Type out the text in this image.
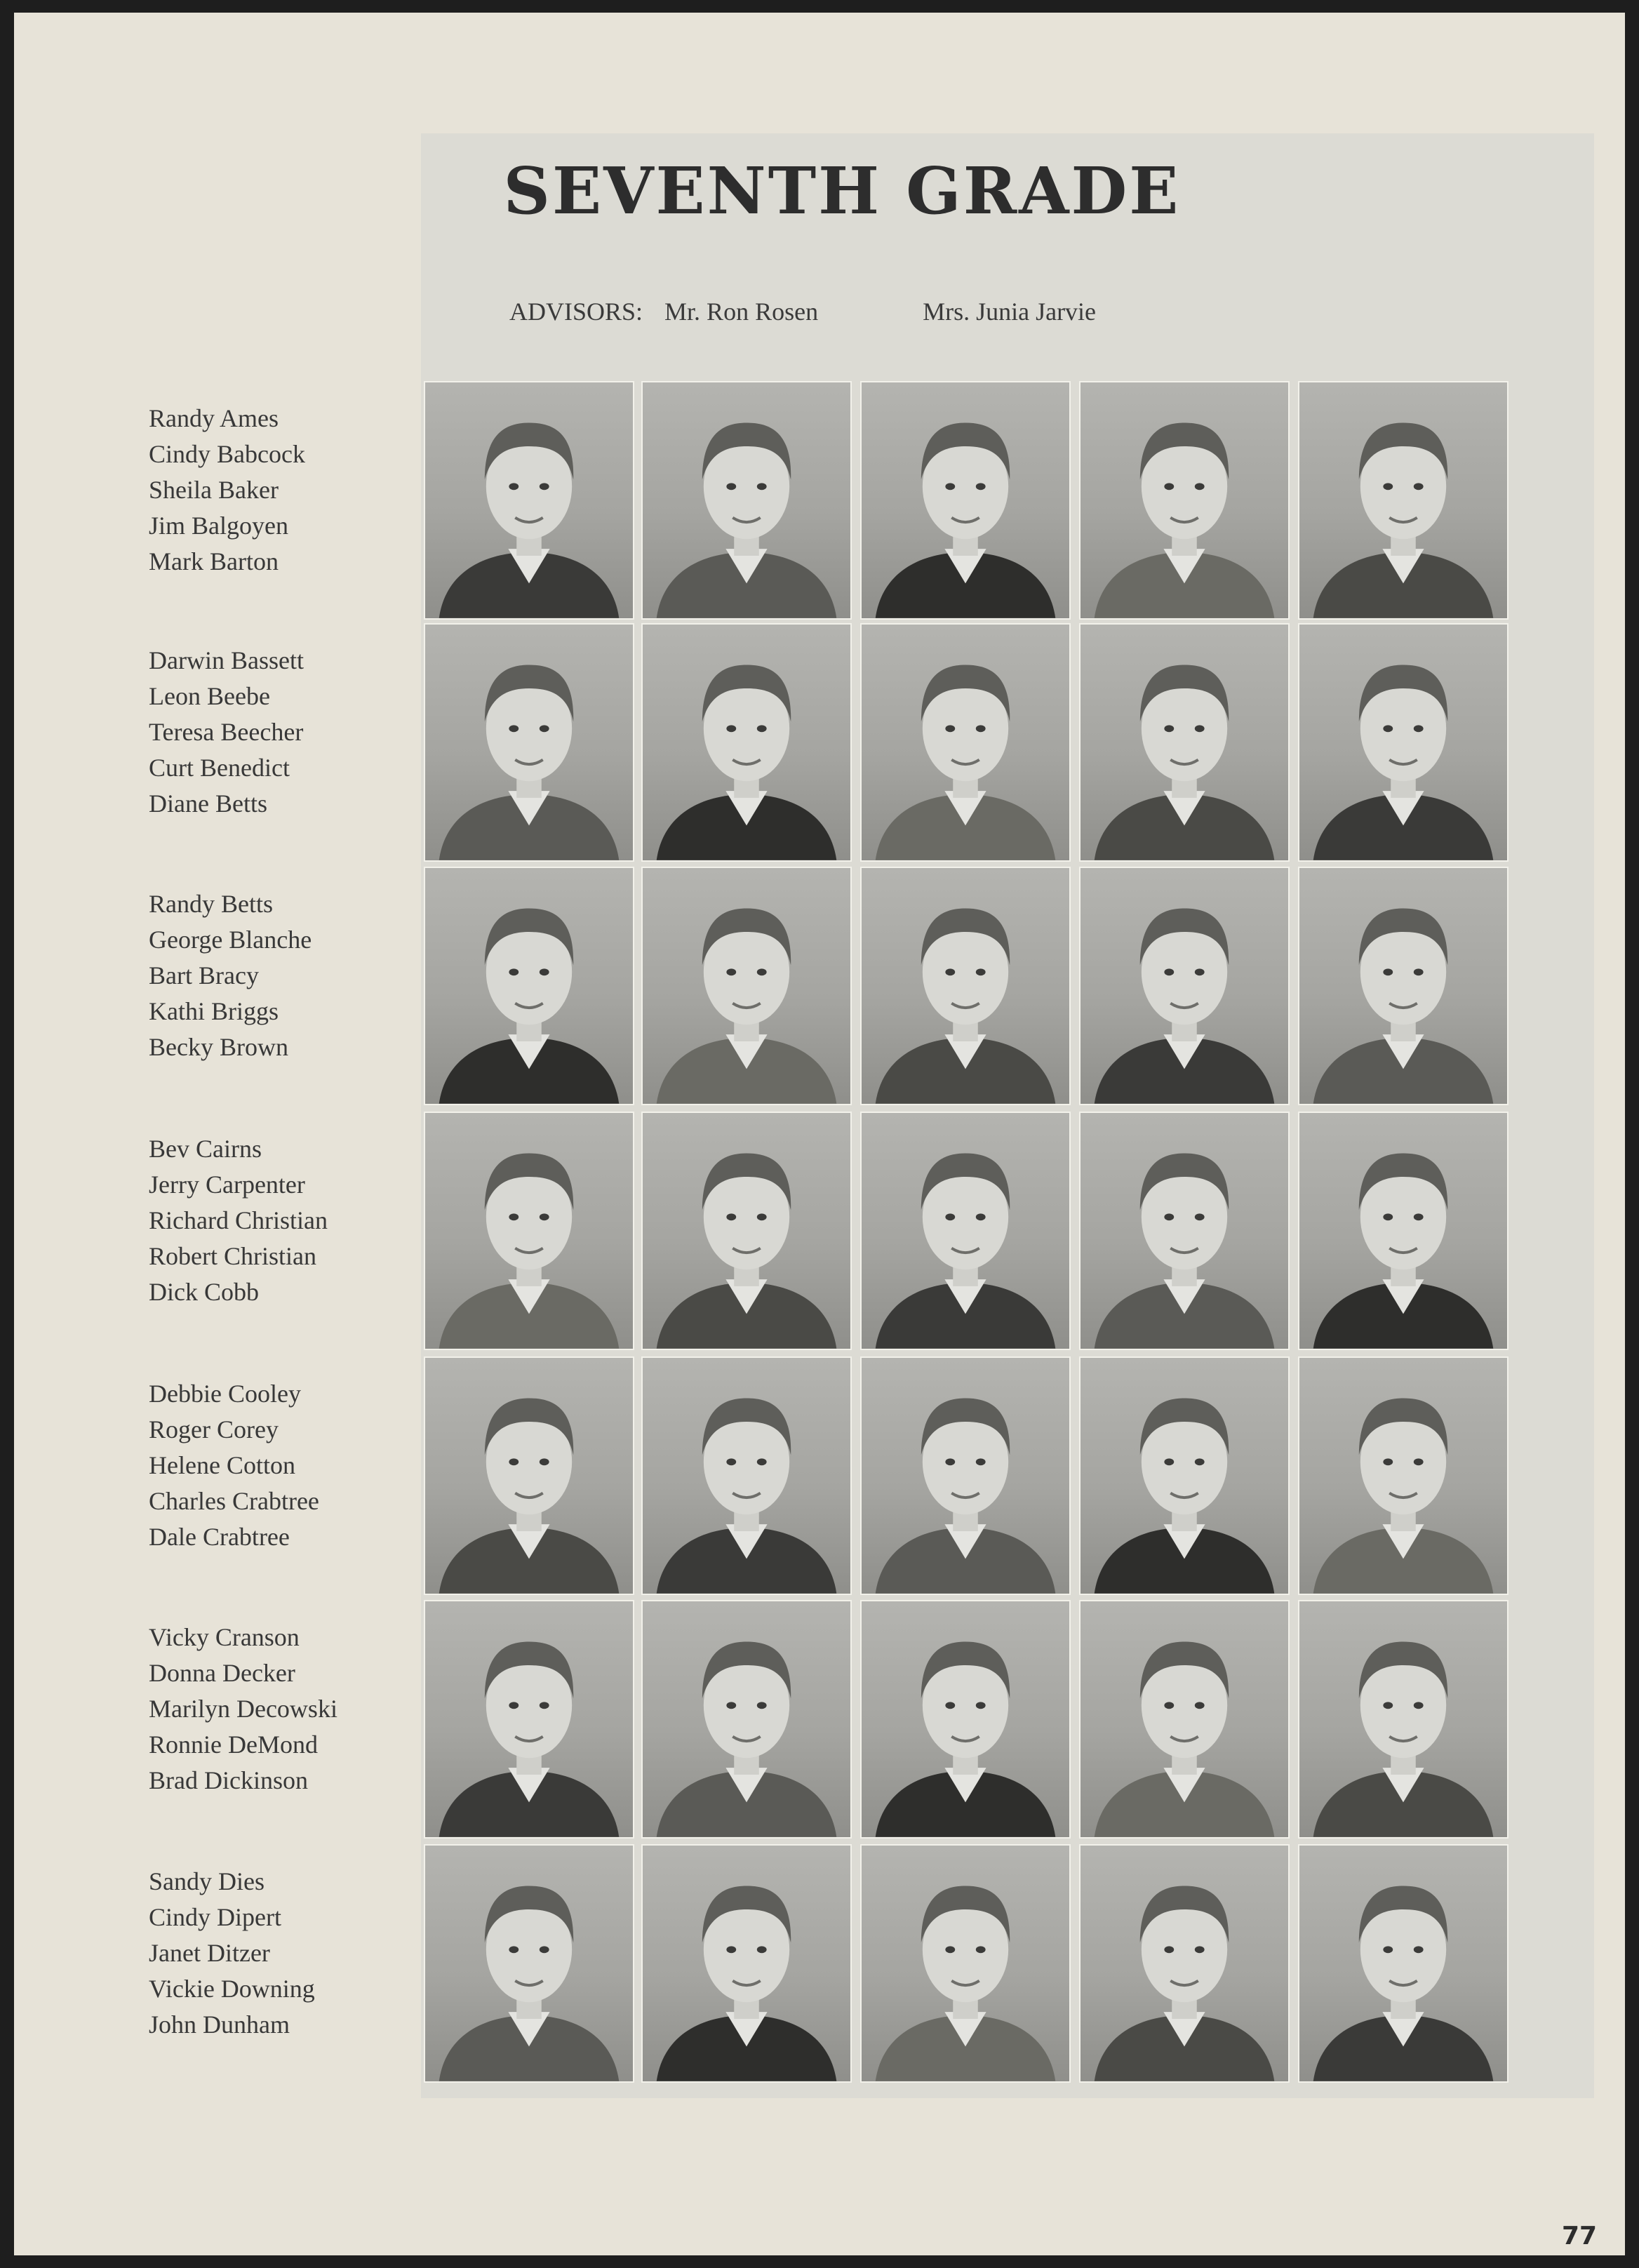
SEVENTH GRADE
ADVISORS: Mr. Ron Rosen	Mrs. Junia Jarvie
Randy Ames
Cindy Babcock
Sheila Baker
Jim Balgoyen
Mark Barton
Darwin Bassett
Leon Beebe
Teresa Beecher
Curt Benedict
Diane Betts
Randy Betts
George Blanche
Bart Bracy
Kathi Briggs
Becky Brown
Bev Cairns
Jerry Carpenter
Richard Christian
Robert Christian
Dick Cobb
Debbie Cooley
Roger Corey
Helene Cotton
Charles Crabtree
Dale Crabtree
Vicky Cranson
Donna Decker
Marilyn Decowski
Ronnie DeMond
Brad Dickinson
Sandy Dies
Cindy Dipert
Janet Ditzer
Vickie Downing
John Dunham
77
